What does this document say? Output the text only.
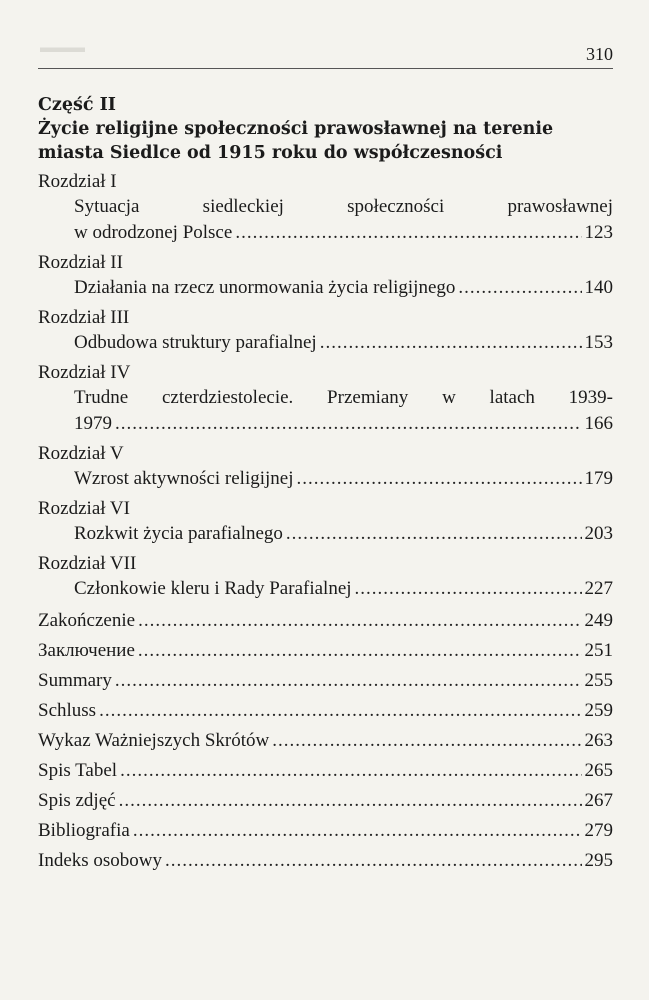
▬▬▬	310
Część II
Życie religijne społeczności prawosławnej na terenie
miasta Siedlce od 1915 roku do współczesności
Rozdział I
Sytuacja siedleckiej społeczności prawosławnej
w odrodzonej Polsce .....	123
Rozdział II
Działania na rzecz unormowania życia religijnego .....	140
Rozdział III
Odbudowa struktury parafialnej .....	153
Rozdział IV
Trudne czterdziestolecie. Przemiany w latach 1939-
1979 .....	166
Rozdział V
Wzrost aktywności religijnej .....	179
Rozdział VI
Rozkwit życia parafialnego .....	203
Rozdział VII
Członkowie kleru i Rady Parafialnej .....	227
Zakończenie .....	249
Заключение .....	251
Summary .....	255
Schluss .....	259
Wykaz Ważniejszych Skrótów .....	263
Spis Tabel .....	265
Spis zdjęć .....	267
Bibliografia .....	279
Indeks osobowy .....	295
